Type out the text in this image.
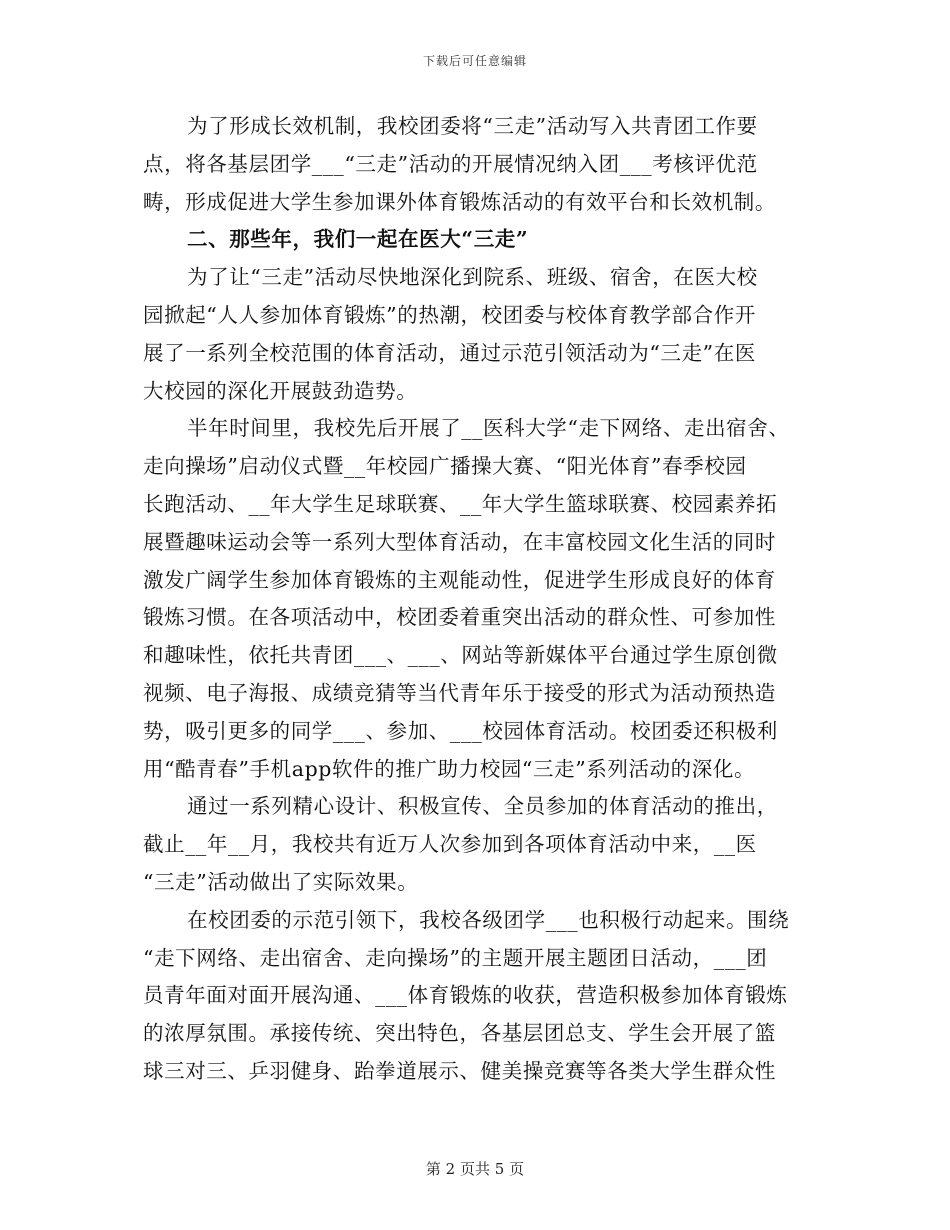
下载后可任意编辑
为了形成长效机制，我校团委将“三走”活动写入共青团工作要
点，将各基层团学___“三走”活动的开展情况纳入团___考核评优范
畴，形成促进大学生参加课外体育锻炼活动的有效平台和长效机制。
二、那些年，我们一起在医大“三走”
为了让“三走”活动尽快地深化到院系、班级、宿舍，在医大校
园掀起“人人参加体育锻炼”的热潮，校团委与校体育教学部合作开
展了一系列全校范围的体育活动，通过示范引领活动为“三走”在医
大校园的深化开展鼓劲造势。
半年时间里，我校先后开展了__医科大学“走下网络、走出宿舍、
走向操场”启动仪式暨__年校园广播操大赛、“阳光体育”春季校园
长跑活动、__年大学生足球联赛、__年大学生篮球联赛、校园素养拓
展暨趣味运动会等一系列大型体育活动，在丰富校园文化生活的同时
激发广阔学生参加体育锻炼的主观能动性，促进学生形成良好的体育
锻炼习惯。在各项活动中，校团委着重突出活动的群众性、可参加性
和趣味性，依托共青团___、___、网站等新媒体平台通过学生原创微
视频、电子海报、成绩竞猜等当代青年乐于接受的形式为活动预热造
势，吸引更多的同学___、参加、___校园体育活动。校团委还积极利
用“酷青春”手机app软件的推广助力校园“三走”系列活动的深化。
通过一系列精心设计、积极宣传、全员参加的体育活动的推出，
截止__年__月，我校共有近万人次参加到各项体育活动中来，__医
“三走”活动做出了实际效果。
在校团委的示范引领下，我校各级团学___也积极行动起来。围绕
“走下网络、走出宿舍、走向操场”的主题开展主题团日活动，___团
员青年面对面开展沟通、___体育锻炼的收获，营造积极参加体育锻炼
的浓厚氛围。承接传统、突出特色，各基层团总支、学生会开展了篮
球三对三、乒羽健身、跆拳道展示、健美操竞赛等各类大学生群众性
第 2 页共 5 页
